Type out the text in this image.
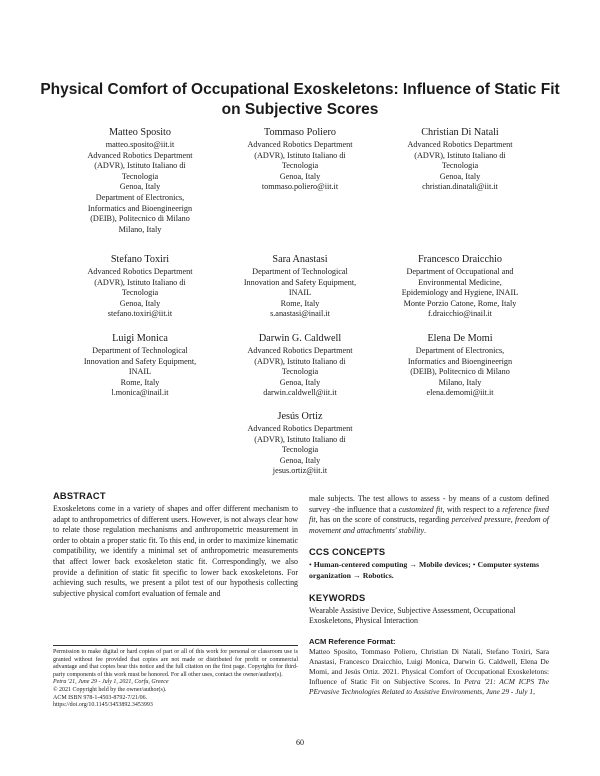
Physical Comfort of Occupational Exoskeletons: Influence of Static Fit on Subjective Scores
Matteo Sposito
matteo.sposito@iit.it
Advanced Robotics Department
(ADVR), Istituto Italiano di
Tecnologia
Genoa, Italy
Department of Electronics,
Informatics and Bioengineerign
(DEIB), Politecnico di Milano
Milano, Italy
Tommaso Poliero
Advanced Robotics Department
(ADVR), Istituto Italiano di
Tecnologia
Genoa, Italy
tommaso.poliero@iit.it
Christian Di Natali
Advanced Robotics Department
(ADVR), Istituto Italiano di
Tecnologia
Genoa, Italy
christian.dinatali@iit.it
Stefano Toxiri
Advanced Robotics Department
(ADVR), Istituto Italiano di
Tecnologia
Genoa, Italy
stefano.toxiri@iit.it
Sara Anastasi
Department of Technological
Innovation and Safety Equipment,
INAIL
Rome, Italy
s.anastasi@inail.it
Francesco Draicchio
Department of Occupational and
Environmental Medicine,
Epidemiology and Hygiene, INAIL
Monte Porzio Catone, Rome, Italy
f.draicchio@inail.it
Luigi Monica
Department of Technological
Innovation and Safety Equipment,
INAIL
Rome, Italy
l.monica@inail.it
Darwin G. Caldwell
Advanced Robotics Department
(ADVR), Istituto Italiano di
Tecnologia
Genoa, Italy
darwin.caldwell@iit.it
Elena De Momi
Department of Electronics,
Informatics and Bioengineerign
(DEIB), Politecnico di Milano
Milano, Italy
elena.demomi@iit.it
Jesús Ortiz
Advanced Robotics Department
(ADVR), Istituto Italiano di
Tecnologia
Genoa, Italy
jesus.ortiz@iit.it
ABSTRACT

Exoskeletons come in a variety of shapes and offer different mechanism to adapt to anthropometrics of different users. However, is not always clear how to relate those regulation mechanisms and anthropometric measurement in order to obtain a proper static fit. To this end, in order to maximize kinematic compatibility, we identify a minimal set of anthropometric measurements that affect lower back exoskeleton static fit. Correspondingly, we also provide a definition of static fit specific to lower back exoskeletons. For achieving such results, we present a pilot test of our hypothesis collecting subjective physical comfort evaluation of female and

Permission to make digital or hard copies of part or all of this work for personal or classroom use is granted without fee provided that copies are not made or distributed for profit or commercial advantage and that copies bear this notice and the full citation on the first page. Copyrights for third-party components of this work must be honored. For all other uses, contact the owner/author(s).
Petra '21, June 29 - July 1, 2021, Corfu, Greece
© 2021 Copyright held by the owner/author(s).
ACM ISBN 978-1-4503-8792-7/21/06.
https://doi.org/10.1145/3453892.3453993

male subjects. The test allows to assess - by means of a custom defined survey -the influence that a customized fit, with respect to a reference fixed fit, has on the score of constructs, regarding perceived pressure, freedom of movement and attachments' stability.

CCS CONCEPTS
• Human-centered computing → Mobile devices; • Computer systems organization → Robotics.
KEYWORDS

Wearable Assistive Device, Subjective Assessment, Occupational Exoskeletons, Physical Interaction

ACM Reference Format:

Matteo Sposito, Tommaso Poliero, Christian Di Natali, Stefano Toxiri, Sara Anastasi, Francesco Draicchio, Luigi Monica, Darwin G. Caldwell, Elena De Momi, and Jesús Ortiz. 2021. Physical Comfort of Occupational Exoskeletons: Influence of Static Fit on Subjective Scores. In Petra '21: ACM ICPS The PErvasive Technologies Related to Assistive Environments, June 29 - July 1,

60
